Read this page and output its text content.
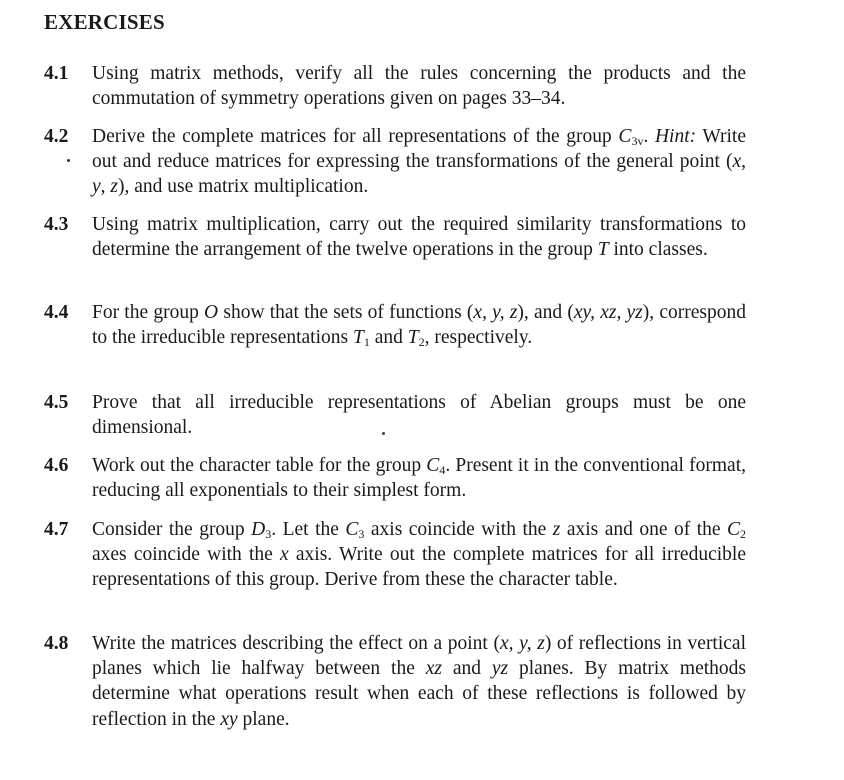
EXERCISES
4.1 Using matrix methods, verify all the rules concerning the products and the commutation of symmetry operations given on pages 33–34.
4.2 Derive the complete matrices for all representations of the group $C_{3v}$. Hint: Write out and reduce matrices for expressing the transformations of the general point (x, y, z), and use matrix multiplication.
4.3 Using matrix multiplication, carry out the required similarity transformations to determine the arrangement of the twelve operations in the group T into classes.
4.4 For the group O show that the sets of functions (x, y, z), and (xy, xz, yz), correspond to the irreducible representations $T_1$ and $T_2$, respectively.
4.5 Prove that all irreducible representations of Abelian groups must be one dimensional.
4.6 Work out the character table for the group $C_4$. Present it in the conventional format, reducing all exponentials to their simplest form.
4.7 Consider the group $D_3$. Let the $C_3$ axis coincide with the z axis and one of the $C_2$ axes coincide with the x axis. Write out the complete matrices for all irreducible representations of this group. Derive from these the character table.
4.8 Write the matrices describing the effect on a point (x, y, z) of reflections in vertical planes which lie halfway between the xz and yz planes. By matrix methods determine what operations result when each of these reflections is followed by reflection in the xy plane.
